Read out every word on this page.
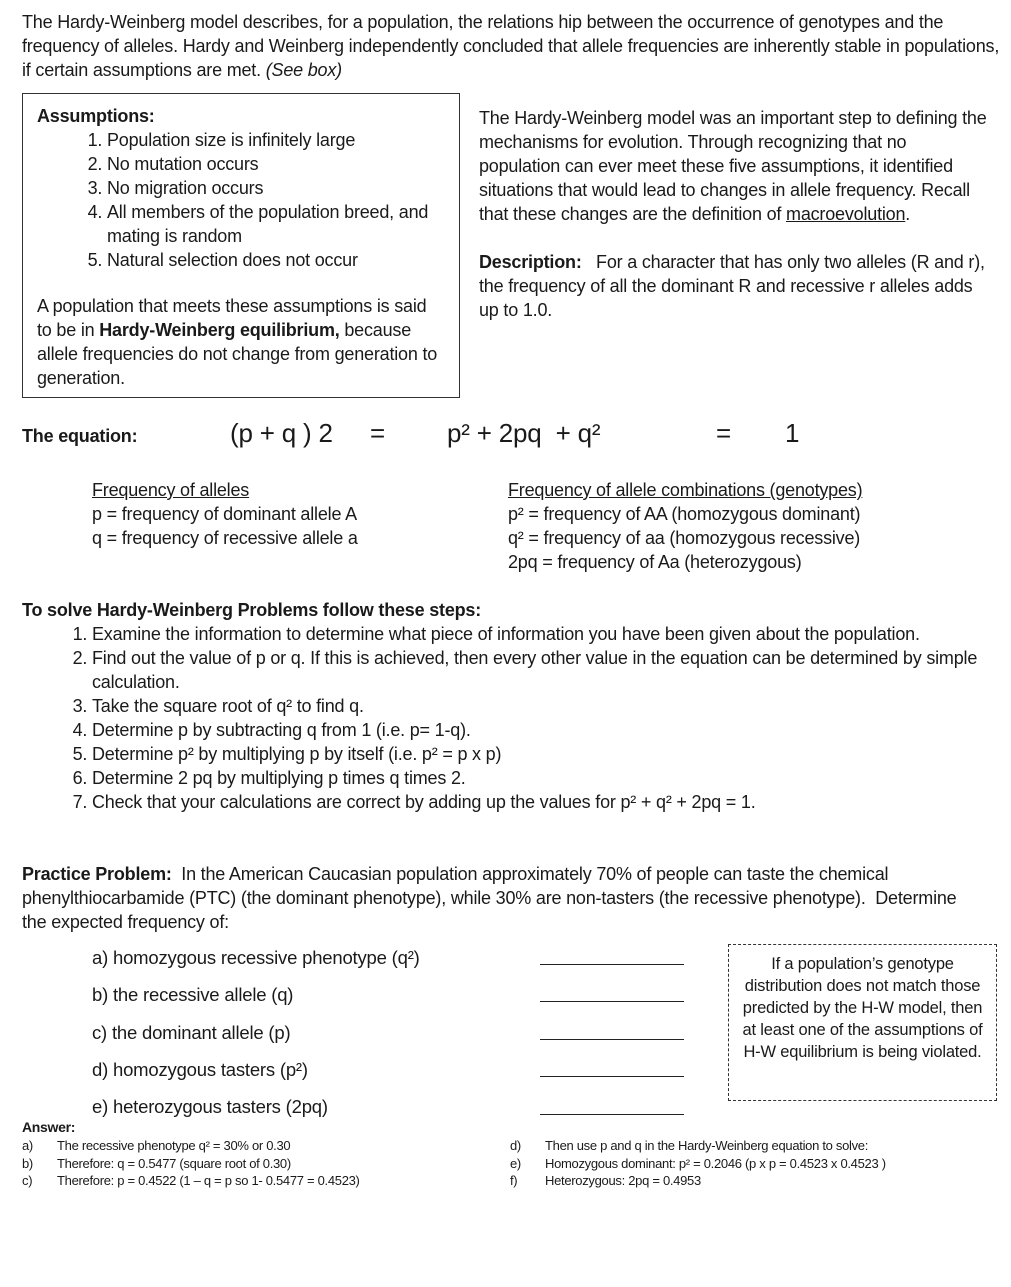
The Hardy-Weinberg model describes, for a population, the relations hip between the occurrence of genotypes and the frequency of alleles. Hardy and Weinberg independently concluded that allele frequencies are inherently stable in populations, if certain assumptions are met. (See box)

Assumptions:
1. Population size is infinitely large
2. No mutation occurs
3. No migration occurs
4. All members of the population breed, and mating is random
5. Natural selection does not occur

A population that meets these assumptions is said to be in Hardy-Weinberg equilibrium, because allele frequencies do not change from generation to generation.

The Hardy-Weinberg model was an important step to defining the mechanisms for evolution. Through recognizing that no population can ever meet these five assumptions, it identified situations that would lead to changes in allele frequency. Recall that these changes are the definition of macroevolution.

Description:   For a character that has only two alleles (R and r), the frequency of all the dominant R and recessive r alleles adds up to 1.0.

The equation:	(p + q ) 2 = p² + 2pq  + q²	= 1
Frequency of alleles
p = frequency of dominant allele A
q = frequency of recessive allele a
Frequency of allele combinations (genotypes)
p² = frequency of AA (homozygous dominant)
q² = frequency of aa (homozygous recessive)
2pq = frequency of Aa (heterozygous)
To solve Hardy-Weinberg Problems follow these steps:
1. Examine the information to determine what piece of information you have been given about the population.
2. Find out the value of p or q. If this is achieved, then every other value in the equation can be determined by simple calculation.
3. Take the square root of q² to find q.
4. Determine p by subtracting q from 1 (i.e. p= 1-q).
5. Determine p² by multiplying p by itself (i.e. p² = p x p)
6. Determine 2 pq by multiplying p times q times 2.
7. Check that your calculations are correct by adding up the values for p² + q² + 2pq = 1.

Practice Problem:  In the American Caucasian population approximately 70% of people can taste the chemical phenylthiocarbamide (PTC) (the dominant phenotype), while 30% are non-tasters (the recessive phenotype).  Determine the expected frequency of:

a) homozygous recessive phenotype (q²)
b) the recessive allele (q)
c) the dominant allele (p)
d) homozygous tasters (p²)
e) heterozygous tasters (2pq)
If a population’s genotype distribution does not match those predicted by the H-W model, then at least one of the assumptions of H-W equilibrium is being violated.
Answer:
a) The recessive phenotype q² = 30% or 0.30
b) Therefore: q = 0.5477 (square root of 0.30)
c) Therefore: p = 0.4522 (1 – q = p so 1- 0.5477 = 0.4523)
d) Then use p and q in the Hardy-Weinberg equation to solve:
e) Homozygous dominant: p² = 0.2046 (p x p = 0.4523 x 0.4523 )
f) Heterozygous: 2pq = 0.4953
